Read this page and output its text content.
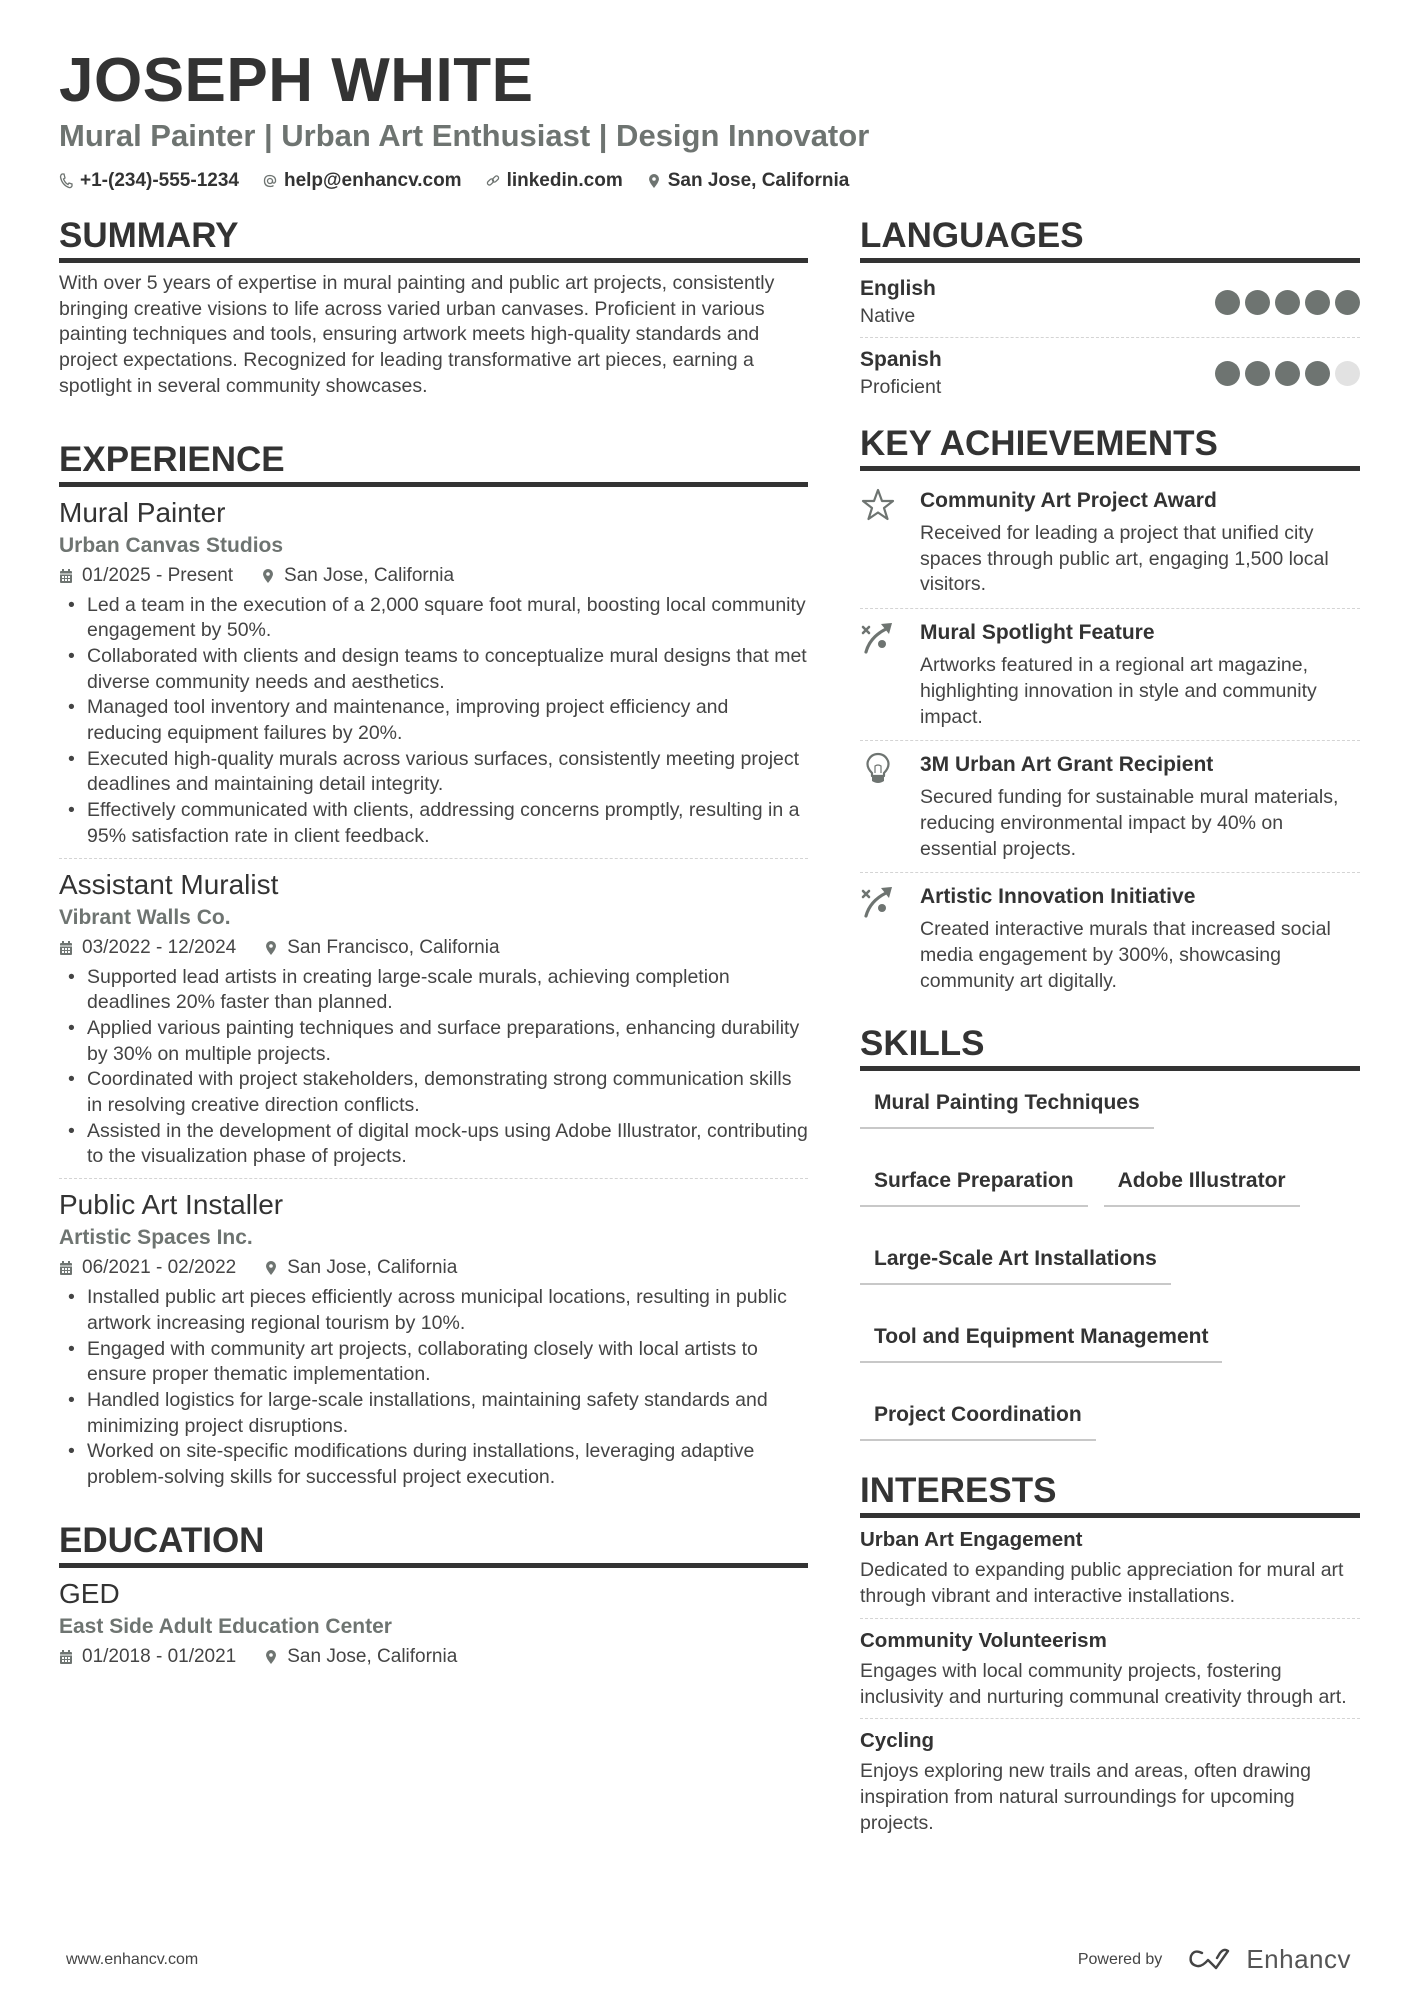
JOSEPH WHITE
Mural Painter | Urban Art Enthusiast | Design Innovator
+1-(234)-555-1234 help@enhancv.com linkedin.com San Jose, California
SUMMARY

With over 5 years of expertise in mural painting and public art projects, consistently bringing creative visions to life across varied urban canvases. Proficient in various painting techniques and tools, ensuring artwork meets high-quality standards and project expectations. Recognized for leading transformative art pieces, earning a spotlight in several community showcases.

EXPERIENCE
Mural Painter
Urban Canvas Studios
01/2025 - Present	San Jose, California
• Led a team in the execution of a 2,000 square foot mural, boosting local community engagement by 50%.
• Collaborated with clients and design teams to conceptualize mural designs that met diverse community needs and aesthetics.
• Managed tool inventory and maintenance, improving project efficiency and reducing equipment failures by 20%.
• Executed high-quality murals across various surfaces, consistently meeting project deadlines and maintaining detail integrity.
• Effectively communicated with clients, addressing concerns promptly, resulting in a 95% satisfaction rate in client feedback.
Assistant Muralist
Vibrant Walls Co.
03/2022 - 12/2024	San Francisco, California
• Supported lead artists in creating large-scale murals, achieving completion deadlines 20% faster than planned.
• Applied various painting techniques and surface preparations, enhancing durability by 30% on multiple projects.
• Coordinated with project stakeholders, demonstrating strong communication skills in resolving creative direction conflicts.
• Assisted in the development of digital mock-ups using Adobe Illustrator, contributing to the visualization phase of projects.
Public Art Installer
Artistic Spaces Inc.
06/2021 - 02/2022	San Jose, California
• Installed public art pieces efficiently across municipal locations, resulting in public artwork increasing regional tourism by 10%.
• Engaged with community art projects, collaborating closely with local artists to ensure proper thematic implementation.
• Handled logistics for large-scale installations, maintaining safety standards and minimizing project disruptions.
• Worked on site-specific modifications during installations, leveraging adaptive problem-solving skills for successful project execution.
EDUCATION
GED
East Side Adult Education Center
01/2018 - 01/2021	San Jose, California
LANGUAGES
English
Native
Spanish
Proficient
KEY ACHIEVEMENTS
Community Art Project Award
Received for leading a project that unified city spaces through public art, engaging 1,500 local visitors.
Mural Spotlight Feature
Artworks featured in a regional art magazine, highlighting innovation in style and community impact.
3M Urban Art Grant Recipient
Secured funding for sustainable mural materials, reducing environmental impact by 40% on essential projects.
Artistic Innovation Initiative
Created interactive murals that increased social media engagement by 300%, showcasing community art digitally.
SKILLS
Mural Painting Techniques
Surface Preparation	Adobe Illustrator
Large-Scale Art Installations
Tool and Equipment Management
Project Coordination
INTERESTS
Urban Art Engagement
Dedicated to expanding public appreciation for mural art through vibrant and interactive installations.
Community Volunteerism
Engages with local community projects, fostering inclusivity and nurturing communal creativity through art.
Cycling
Enjoys exploring new trails and areas, often drawing inspiration from natural surroundings for upcoming projects.
www.enhancv.com	Powered by	Enhancv
